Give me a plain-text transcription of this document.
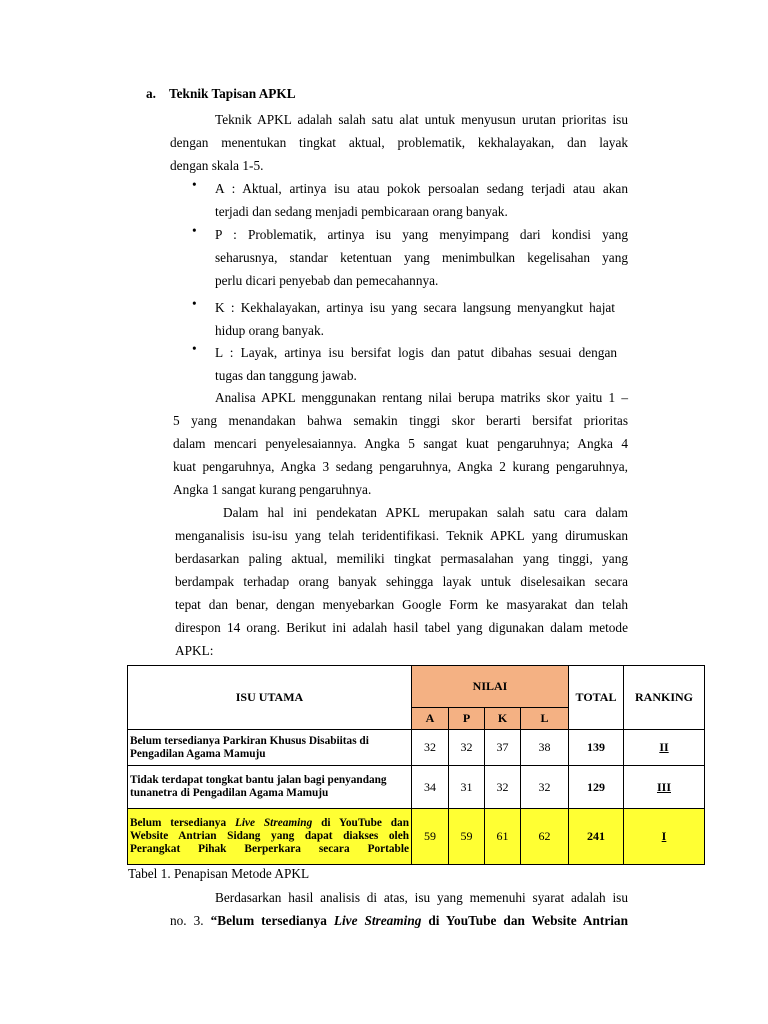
a. Teknik Tapisan APKL
Teknik APKL adalah salah satu alat untuk menyusun urutan prioritas isu
dengan menentukan tingkat aktual, problematik, kekhalayakan, dan layak
dengan skala 1-5.
• A : Aktual, artinya isu atau pokok persoalan sedang terjadi atau akan
terjadi dan sedang menjadi pembicaraan orang banyak.
• P : Problematik, artinya isu yang menyimpang dari kondisi yang
seharusnya, standar ketentuan yang menimbulkan kegelisahan yang
perlu dicari penyebab dan pemecahannya.
• K : Kekhalayakan, artinya isu yang secara langsung menyangkut hajat
hidup orang banyak.
• L : Layak, artinya isu bersifat logis dan patut dibahas sesuai dengan
tugas dan tanggung jawab.
Analisa APKL menggunakan rentang nilai berupa matriks skor yaitu 1 –
5 yang menandakan bahwa semakin tinggi skor berarti bersifat prioritas
dalam mencari penyelesaiannya. Angka 5 sangat kuat pengaruhnya; Angka 4
kuat pengaruhnya, Angka 3 sedang pengaruhnya, Angka 2 kurang pengaruhnya,
Angka 1 sangat kurang pengaruhnya.
Dalam hal ini pendekatan APKL merupakan salah satu cara dalam
menganalisis isu-isu yang telah teridentifikasi. Teknik APKL yang dirumuskan
berdasarkan paling aktual, memiliki tingkat permasalahan yang tinggi, yang
berdampak terhadap orang banyak sehingga layak untuk diselesaikan secara
tepat dan benar, dengan menyebarkan Google Form ke masyarakat dan telah
direspon 14 orang. Berikut ini adalah hasil tabel yang digunakan dalam metode
APKL:
ISU UTAMA	NILAI				TOTAL	RANKING
	A	P	K	L		
Belum tersedianya Parkiran Khusus Disabiitas di Pengadilan Agama Mamuju	32	32	37	38	139	II
Tidak terdapat tongkat bantu jalan bagi penyandang tunanetra di Pengadilan Agama Mamuju	34	31	32	32	129	III
Belum tersedianya Live Streaming di YouTube dan Website Antrian Sidang yang dapat diakses oleh Perangkat Pihak Berperkara secara Portable	59	59	61	62	241	I
Tabel 1. Penapisan Metode APKL
Berdasarkan hasil analisis di atas, isu yang memenuhi syarat adalah isu
no. 3. “Belum tersedianya Live Streaming di YouTube dan Website Antrian
